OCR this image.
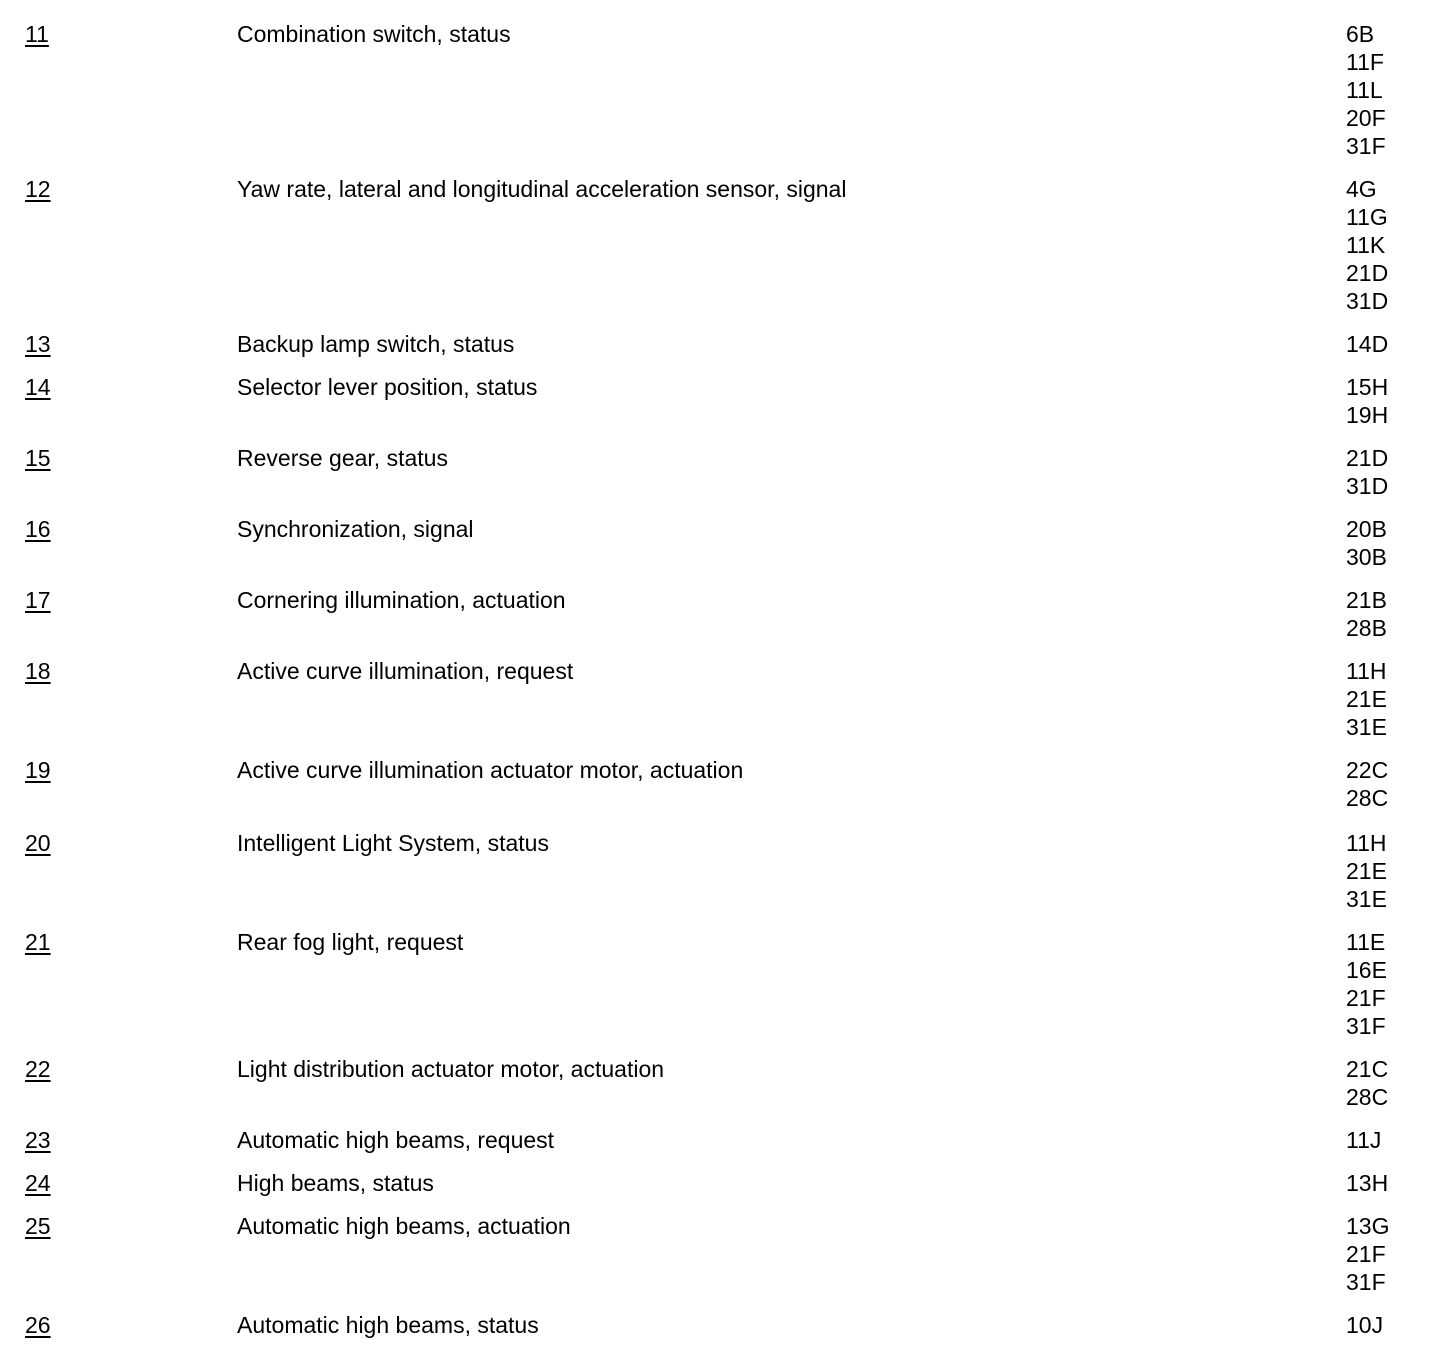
11	Combination switch, status	6B
11F
11L
20F
31F
12	Yaw rate, lateral and longitudinal acceleration sensor, signal	4G
11G
11K
21D
31D
13	Backup lamp switch, status	14D
14	Selector lever position, status	15H
19H
15	Reverse gear, status	21D
31D
16	Synchronization, signal	20B
30B
17	Cornering illumination, actuation	21B
28B
18	Active curve illumination, request	11H
21E
31E
19	Active curve illumination actuator motor, actuation	22C
28C
20	Intelligent Light System, status	11H
21E
31E
21	Rear fog light, request	11E
16E
21F
31F
22	Light distribution actuator motor, actuation	21C
28C
23	Automatic high beams, request	11J
24	High beams, status	13H
25	Automatic high beams, actuation	13G
21F
31F
26	Automatic high beams, status	10J
